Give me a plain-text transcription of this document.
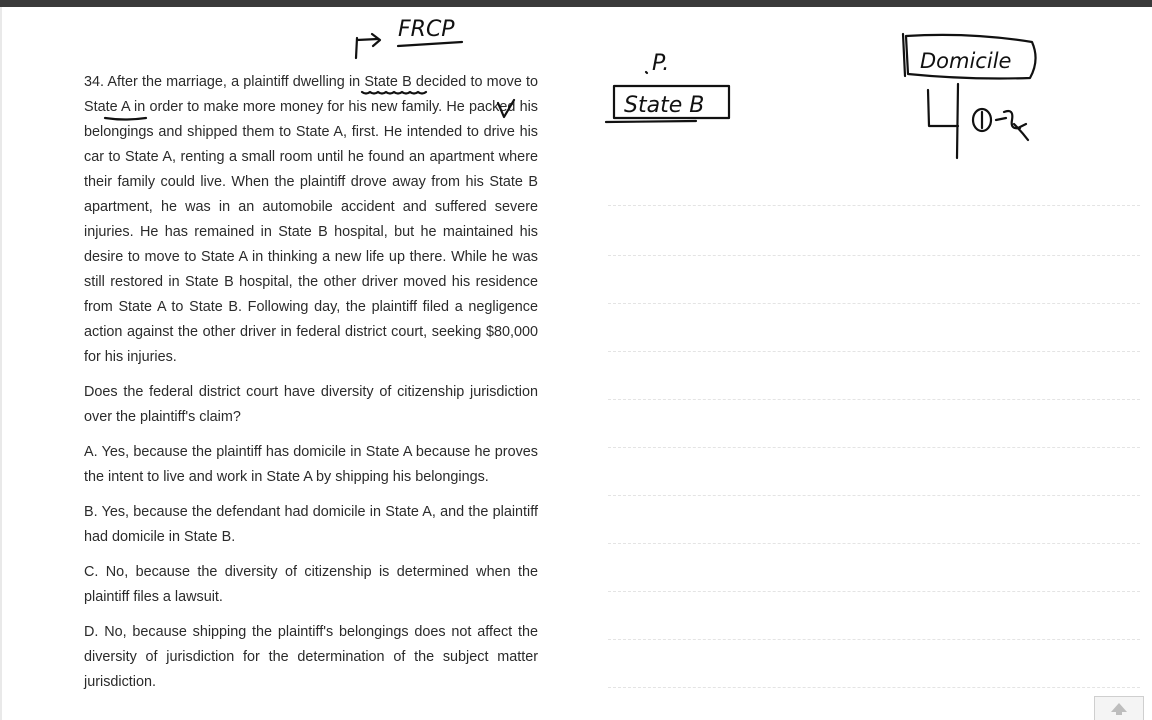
34. After the marriage, a plaintiff dwelling in State B decided to move to State A in order to make more money for his new family. He packed his belongings and shipped them to State A, first. He intended to drive his car to State A, renting a small room until he found an apartment where their family could live. When the plaintiff drove away from his State B apartment, he was in an automobile accident and suffered severe injuries. He has remained in State B hospital, but he maintained his desire to move to State A in thinking a new life up there. While he was still restored in State B hospital, the other driver moved his residence from State A to State B. Following day, the plaintiff filed a negligence action against the other driver in federal district court, seeking $80,000 for his injuries.

Does the federal district court have diversity of citizenship jurisdiction over the plaintiff's claim?

A. Yes, because the plaintiff has domicile in State A because he proves the intent to live and work in State A by shipping his belongings.

B. Yes, because the defendant had domicile in State A, and the plaintiff had domicile in State B.

C. No, because the diversity of citizenship is determined when the plaintiff files a lawsuit.

D. No, because shipping the plaintiff's belongings does not affect the diversity of jurisdiction for the determination of the subject matter jurisdiction.

FRCP
P.
State B
Domicile
